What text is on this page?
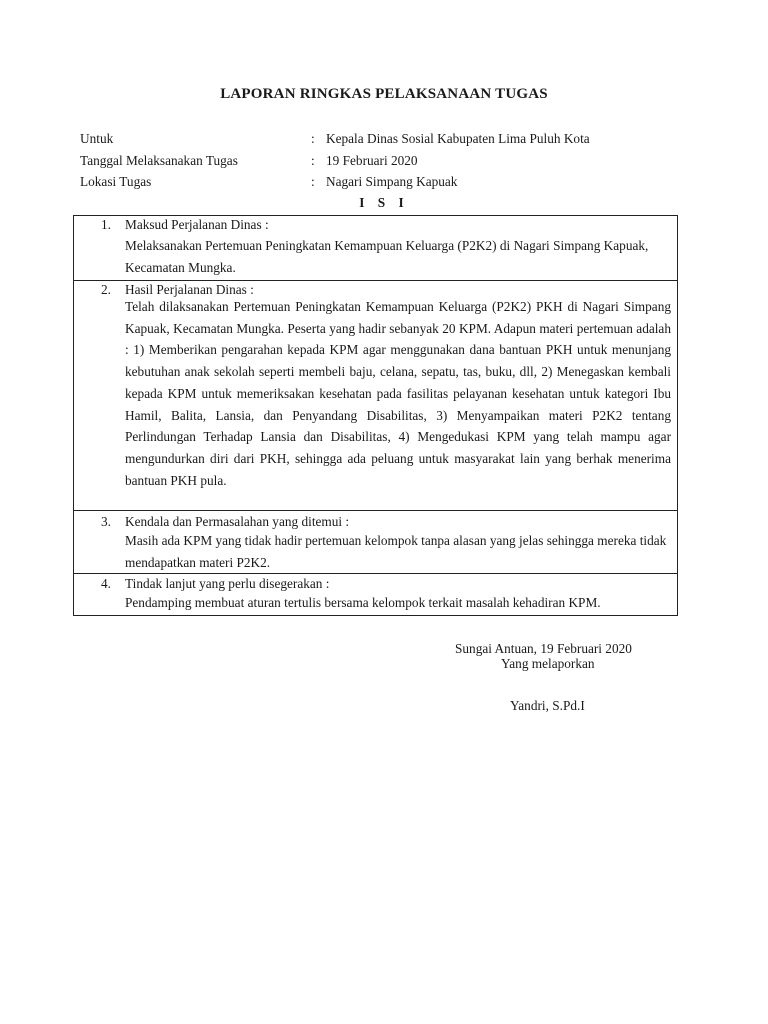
LAPORAN RINGKAS PELAKSANAAN TUGAS
Untuk	: Kepala Dinas Sosial Kabupaten Lima Puluh Kota
Tanggal Melaksanakan Tugas	: 19 Februari 2020
Lokasi Tugas	: Nagari Simpang Kapuak
I S I
1. Maksud Perjalanan Dinas :
Melaksanakan Pertemuan Peningkatan Kemampuan Keluarga (P2K2) di Nagari Simpang Kapuak, Kecamatan Mungka.
2. Hasil Perjalanan Dinas :
Telah dilaksanakan Pertemuan Peningkatan Kemampuan Keluarga (P2K2) PKH di Nagari Simpang Kapuak, Kecamatan Mungka. Peserta yang hadir sebanyak 20 KPM. Adapun materi pertemuan adalah : 1) Memberikan pengarahan kepada KPM agar menggunakan dana bantuan PKH untuk menunjang kebutuhan anak sekolah seperti membeli baju, celana, sepatu, tas, buku, dll, 2) Menegaskan kembali kepada KPM untuk memeriksakan kesehatan pada fasilitas pelayanan kesehatan untuk kategori Ibu Hamil, Balita, Lansia, dan Penyandang Disabilitas, 3) Menyampaikan materi P2K2 tentang Perlindungan Terhadap Lansia dan Disabilitas, 4) Mengedukasi KPM yang telah mampu agar mengundurkan diri dari PKH, sehingga ada peluang untuk masyarakat lain yang berhak menerima bantuan PKH pula.
3. Kendala dan Permasalahan yang ditemui :
Masih ada KPM yang tidak hadir pertemuan kelompok tanpa alasan yang jelas sehingga mereka tidak mendapatkan materi P2K2.
4. Tindak lanjut yang perlu disegerakan :
Pendamping membuat aturan tertulis bersama kelompok terkait masalah kehadiran KPM.
Sungai Antuan, 19 Februari 2020
Yang melaporkan
Yandri, S.Pd.I
